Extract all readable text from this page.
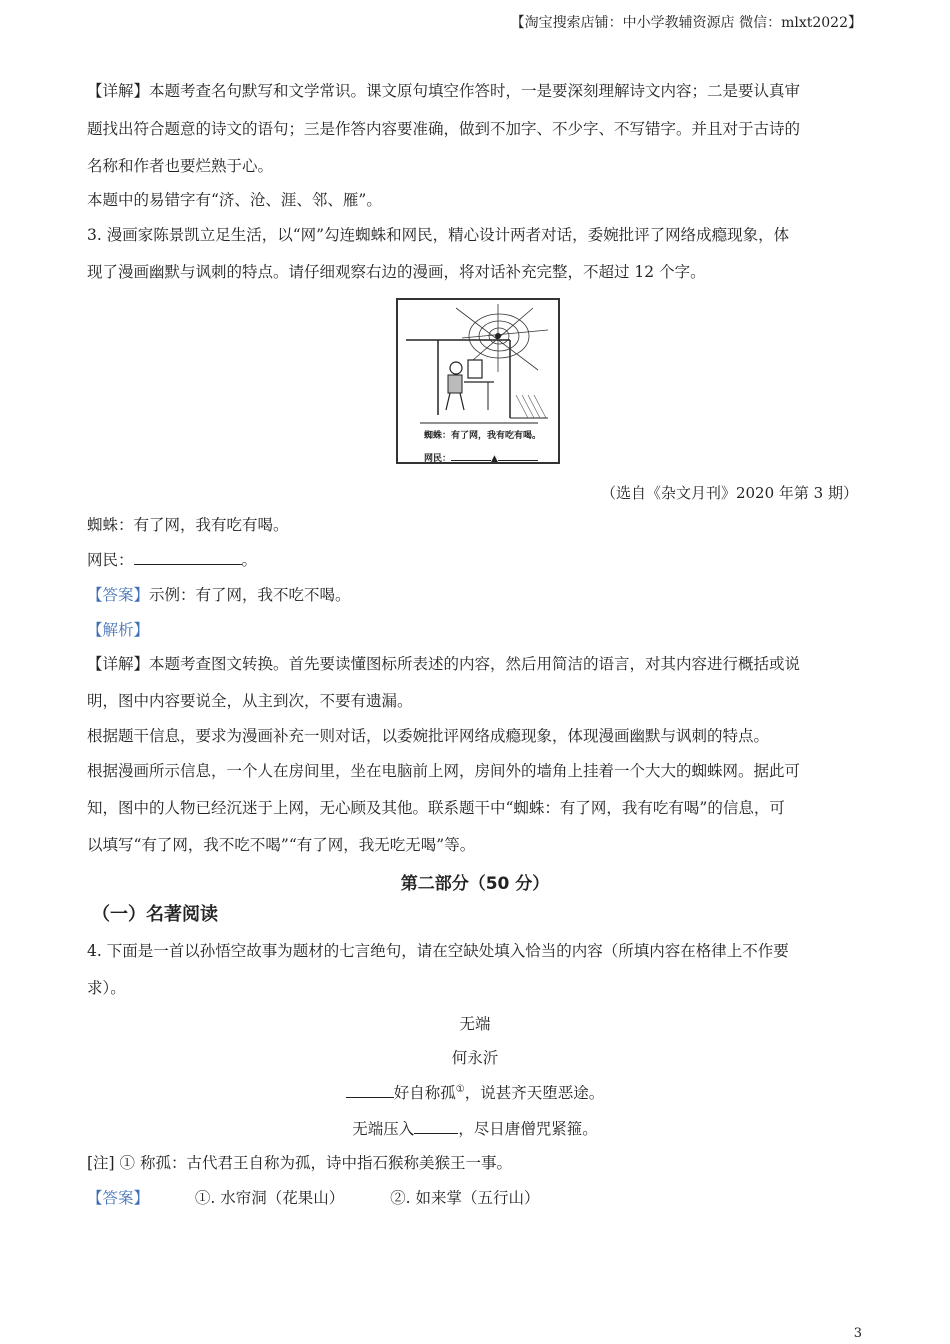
【淘宝搜索店铺：中小学教辅资源店 微信：mlxt2022】
【详解】本题考查名句默写和文学常识。课文原句填空作答时，一是要深刻理解诗文内容；二是要认真审
题找出符合题意的诗文的语句；三是作答内容要准确，做到不加字、不少字、不写错字。并且对于古诗的
名称和作者也要烂熟于心。
本题中的易错字有“济、沧、涯、邻、雁”。
3. 漫画家陈景凯立足生活，以“网”勾连蜘蛛和网民，精心设计两者对话，委婉批评了网络成瘾现象，体
现了漫画幽默与讽刺的特点。请仔细观察右边的漫画，将对话补充完整，不超过 12 个字。
蜘蛛：有了网，我有吃有喝。
网民：	▲
（选自《杂文月刊》2020 年第 3 期）
蜘蛛：有了网，我有吃有喝。
网民：	。
【答案】示例：有了网，我不吃不喝。
【解析】
【详解】本题考查图文转换。首先要读懂图标所表述的内容，然后用简洁的语言，对其内容进行概括或说
明，图中内容要说全，从主到次，不要有遗漏。
根据题干信息，要求为漫画补充一则对话，以委婉批评网络成瘾现象，体现漫画幽默与讽刺的特点。
根据漫画所示信息，一个人在房间里，坐在电脑前上网，房间外的墙角上挂着一个大大的蜘蛛网。据此可
知，图中的人物已经沉迷于上网，无心顾及其他。联系题干中“蜘蛛：有了网，我有吃有喝”的信息，可
以填写“有了网，我不吃不喝”“有了网，我无吃无喝”等。
第二部分（50 分）
（一）名著阅读
4. 下面是一首以孙悟空故事为题材的七言绝句，请在空缺处填入恰当的内容（所填内容在格律上不作要
求）。
无端
何永沂
好自称孤①，说甚齐天堕恶途。
无端压入	，尽日唐僧咒紧箍。
[注] ① 称孤：古代君王自称为孤，诗中指石猴称美猴王一事。
【答案】	①. 水帘洞（花果山）	②. 如来掌（五行山）
3
